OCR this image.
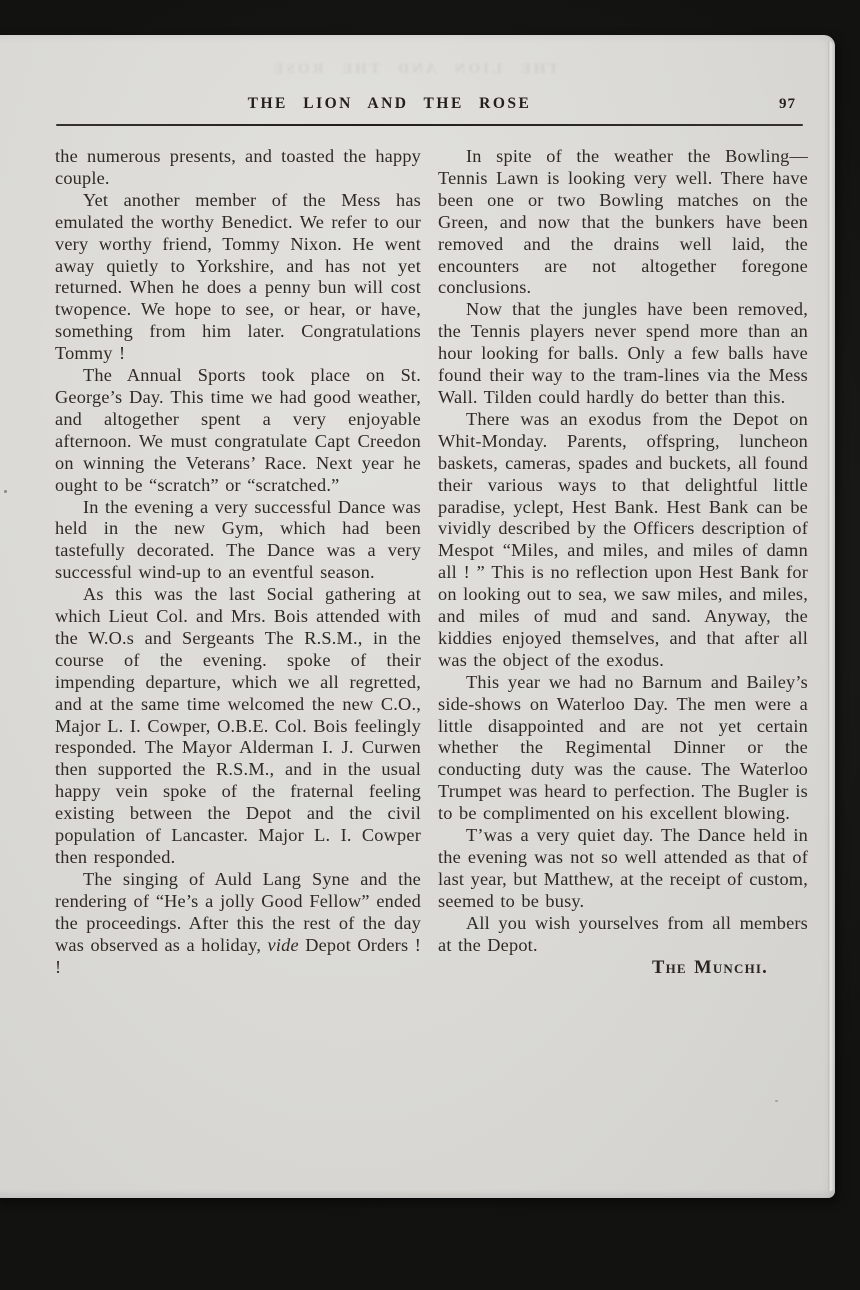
THE LION AND THE ROSE
THE LION AND THE ROSE	97

the numerous presents, and toasted the happy couple.

Yet another member of the Mess has emulated the worthy Benedict. We refer to our very worthy friend, Tommy Nixon. He went away quietly to Yorkshire, and has not yet returned. When he does a penny bun will cost twopence. We hope to see, or hear, or have, something from him later. Congratulations Tommy !

The Annual Sports took place on St. George’s Day. This time we had good weather, and altogether spent a very enjoyable afternoon. We must congratulate Capt Creedon on winning the Veterans’ Race. Next year he ought to be “scratch” or “scratched.”

In the evening a very successful Dance was held in the new Gym, which had been tastefully decorated. The Dance was a very successful wind-up to an eventful season.

As this was the last Social gathering at which Lieut Col. and Mrs. Bois attended with the W.O.s and Sergeants The R.S.M., in the course of the evening. spoke of their impending departure, which we all regretted, and at the same time welcomed the new C.O., Major L. I. Cowper, O.B.E. Col. Bois feelingly responded. The Mayor Alderman I. J. Curwen then supported the R.S.M., and in the usual happy vein spoke of the fraternal feeling existing between the Depot and the civil population of Lancaster. Major L. I. Cowper then responded.

The singing of Auld Lang Syne and the rendering of “He’s a jolly Good Fellow” ended the proceedings. After this the rest of the day was observed as a holiday, vide Depot Orders ! !

In spite of the weather the Bowling—Tennis Lawn is looking very well. There have been one or two Bowling matches on the Green, and now that the bunkers have been removed and the drains well laid, the encounters are not altogether foregone conclusions.

Now that the jungles have been removed, the Tennis players never spend more than an hour looking for balls. Only a few balls have found their way to the tram-lines via the Mess Wall. Tilden could hardly do better than this.

There was an exodus from the Depot on Whit-Monday. Parents, offspring, luncheon baskets, cameras, spades and buckets, all found their various ways to that delightful little paradise, yclept, Hest Bank. Hest Bank can be vividly described by the Officers description of Mespot “Miles, and miles, and miles of damn all ! ” This is no reflection upon Hest Bank for on looking out to sea, we saw miles, and miles, and miles of mud and sand. Anyway, the kiddies enjoyed themselves, and that after all was the object of the exodus.

This year we had no Barnum and Bailey’s side-shows on Waterloo Day. The men were a little disappointed and are not yet certain whether the Regimental Dinner or the conducting duty was the cause. The Waterloo Trumpet was heard to perfection. The Bugler is to be complimented on his excellent blowing.

T’was a very quiet day. The Dance held in the evening was not so well attended as that of last year, but Matthew, at the receipt of custom, seemed to be busy.

All you wish yourselves from all members at the Depot.

The Munchi.
